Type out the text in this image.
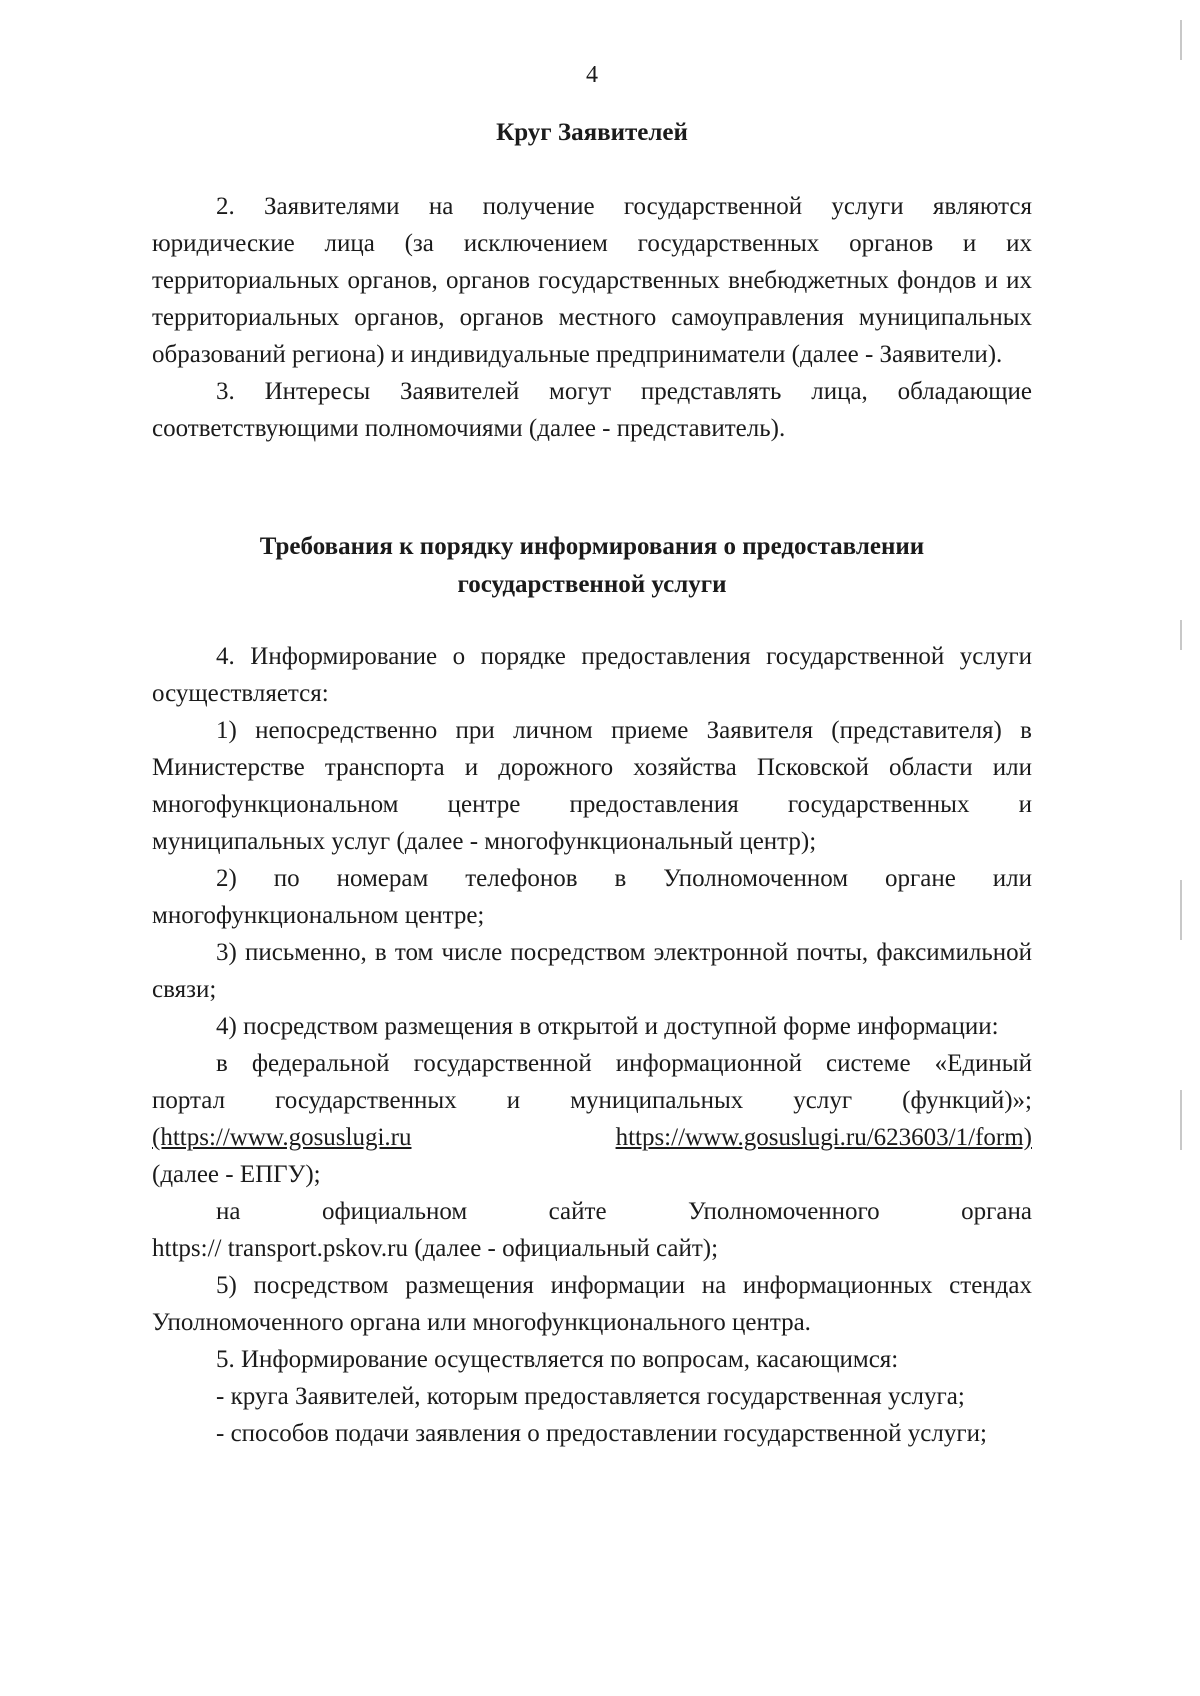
4
Круг Заявителей

2. Заявителями на получение государственной услуги являются юридические лица (за исключением государственных органов и их территориальных органов, органов государственных внебюджетных фондов и их территориальных органов, органов местного самоуправления муниципальных образований региона) и индивидуальные предприниматели (далее - Заявители).

3. Интересы Заявителей могут представлять лица, обладающие соответствующими полномочиями (далее - представитель).

Требования к порядку информирования о предоставлении
государственной услуги

4. Информирование о порядке предоставления государственной услуги осуществляется:

1) непосредственно при личном приеме Заявителя (представителя) в Министерстве транспорта и дорожного хозяйства Псковской области или многофункциональном центре предоставления государственных и муниципальных услуг (далее - многофункциональный центр);

2) по номерам телефонов в Уполномоченном органе или многофункциональном центре;

3) письменно, в том числе посредством электронной почты, факсимильной связи;

4) посредством размещения в открытой и доступной форме информации:

в федеральной государственной информационной системе «Единый

портал государственных и муниципальных услуг (функций)»;
(https://www.gosuslugi.ru	https://www.gosuslugi.ru/623603/1/form)
(далее - ЕПГУ);
на	официальном	сайте	Уполномоченного	органа
https:// transport.pskov.ru (далее - официальный сайт);

5) посредством размещения информации на информационных стендах Уполномоченного органа или многофункционального центра.

5. Информирование осуществляется по вопросам, касающимся:

- круга Заявителей, которым предоставляется государственная услуга;

- способов подачи заявления о предоставлении государственной услуги;
